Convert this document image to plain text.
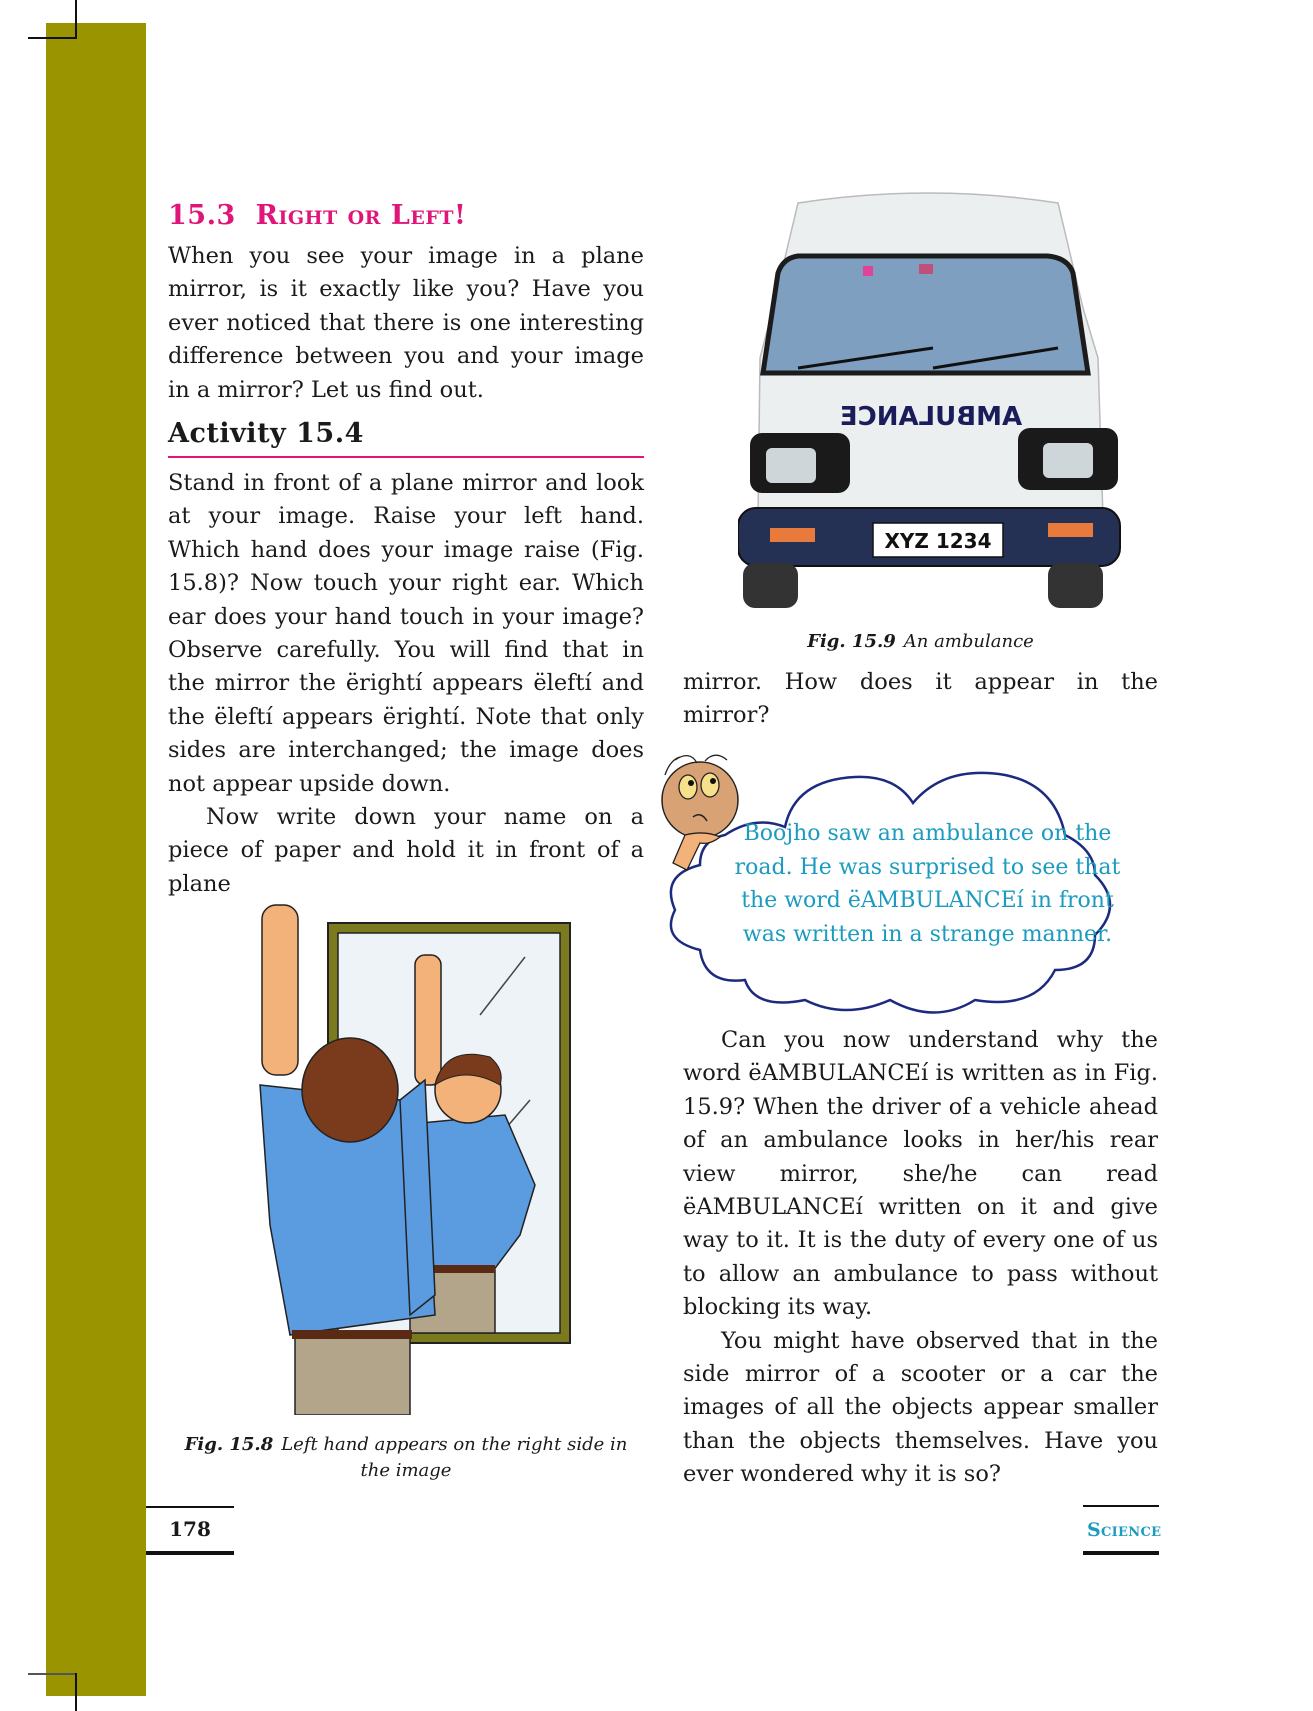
15.3 Right or Left!

When you see your image in a plane mirror, is it exactly like you? Have you ever noticed that there is one interesting difference between you and your image in a mirror? Let us find out.

Activity 15.4

Stand in front of a plane mirror and look at your image. Raise your left hand. Which hand does your image raise (Fig. 15.8)? Now touch your right ear. Which ear does your hand touch in your image? Observe carefully. You will find that in the mirror the ërightí appears ëleftí and the ëleftí appears ërightí. Note that only sides are interchanged; the image does not appear upside down.

Now write down your name on a piece of paper and hold it in front of a plane

Fig. 15.8 Left hand appears on the right side in the image
AMBULANCE
XYZ 1234
Fig. 15.9 An ambulance

mirror. How does it appear in the mirror?

Boojho saw an ambulance on the road. He was surprised to see that the word ëAMBULANCEí in front was written in a strange manner.

Can you now understand why the word ëAMBULANCEí is written as in Fig. 15.9? When the driver of a vehicle ahead of an ambulance looks in her/his rear view mirror, she/he can read ëAMBULANCEí written on it and give way to it. It is the duty of every one of us to allow an ambulance to pass without blocking its way.

You might have observed that in the side mirror of a scooter or a car the images of all the objects appear smaller than the objects themselves. Have you ever wondered why it is so?

178	Science
